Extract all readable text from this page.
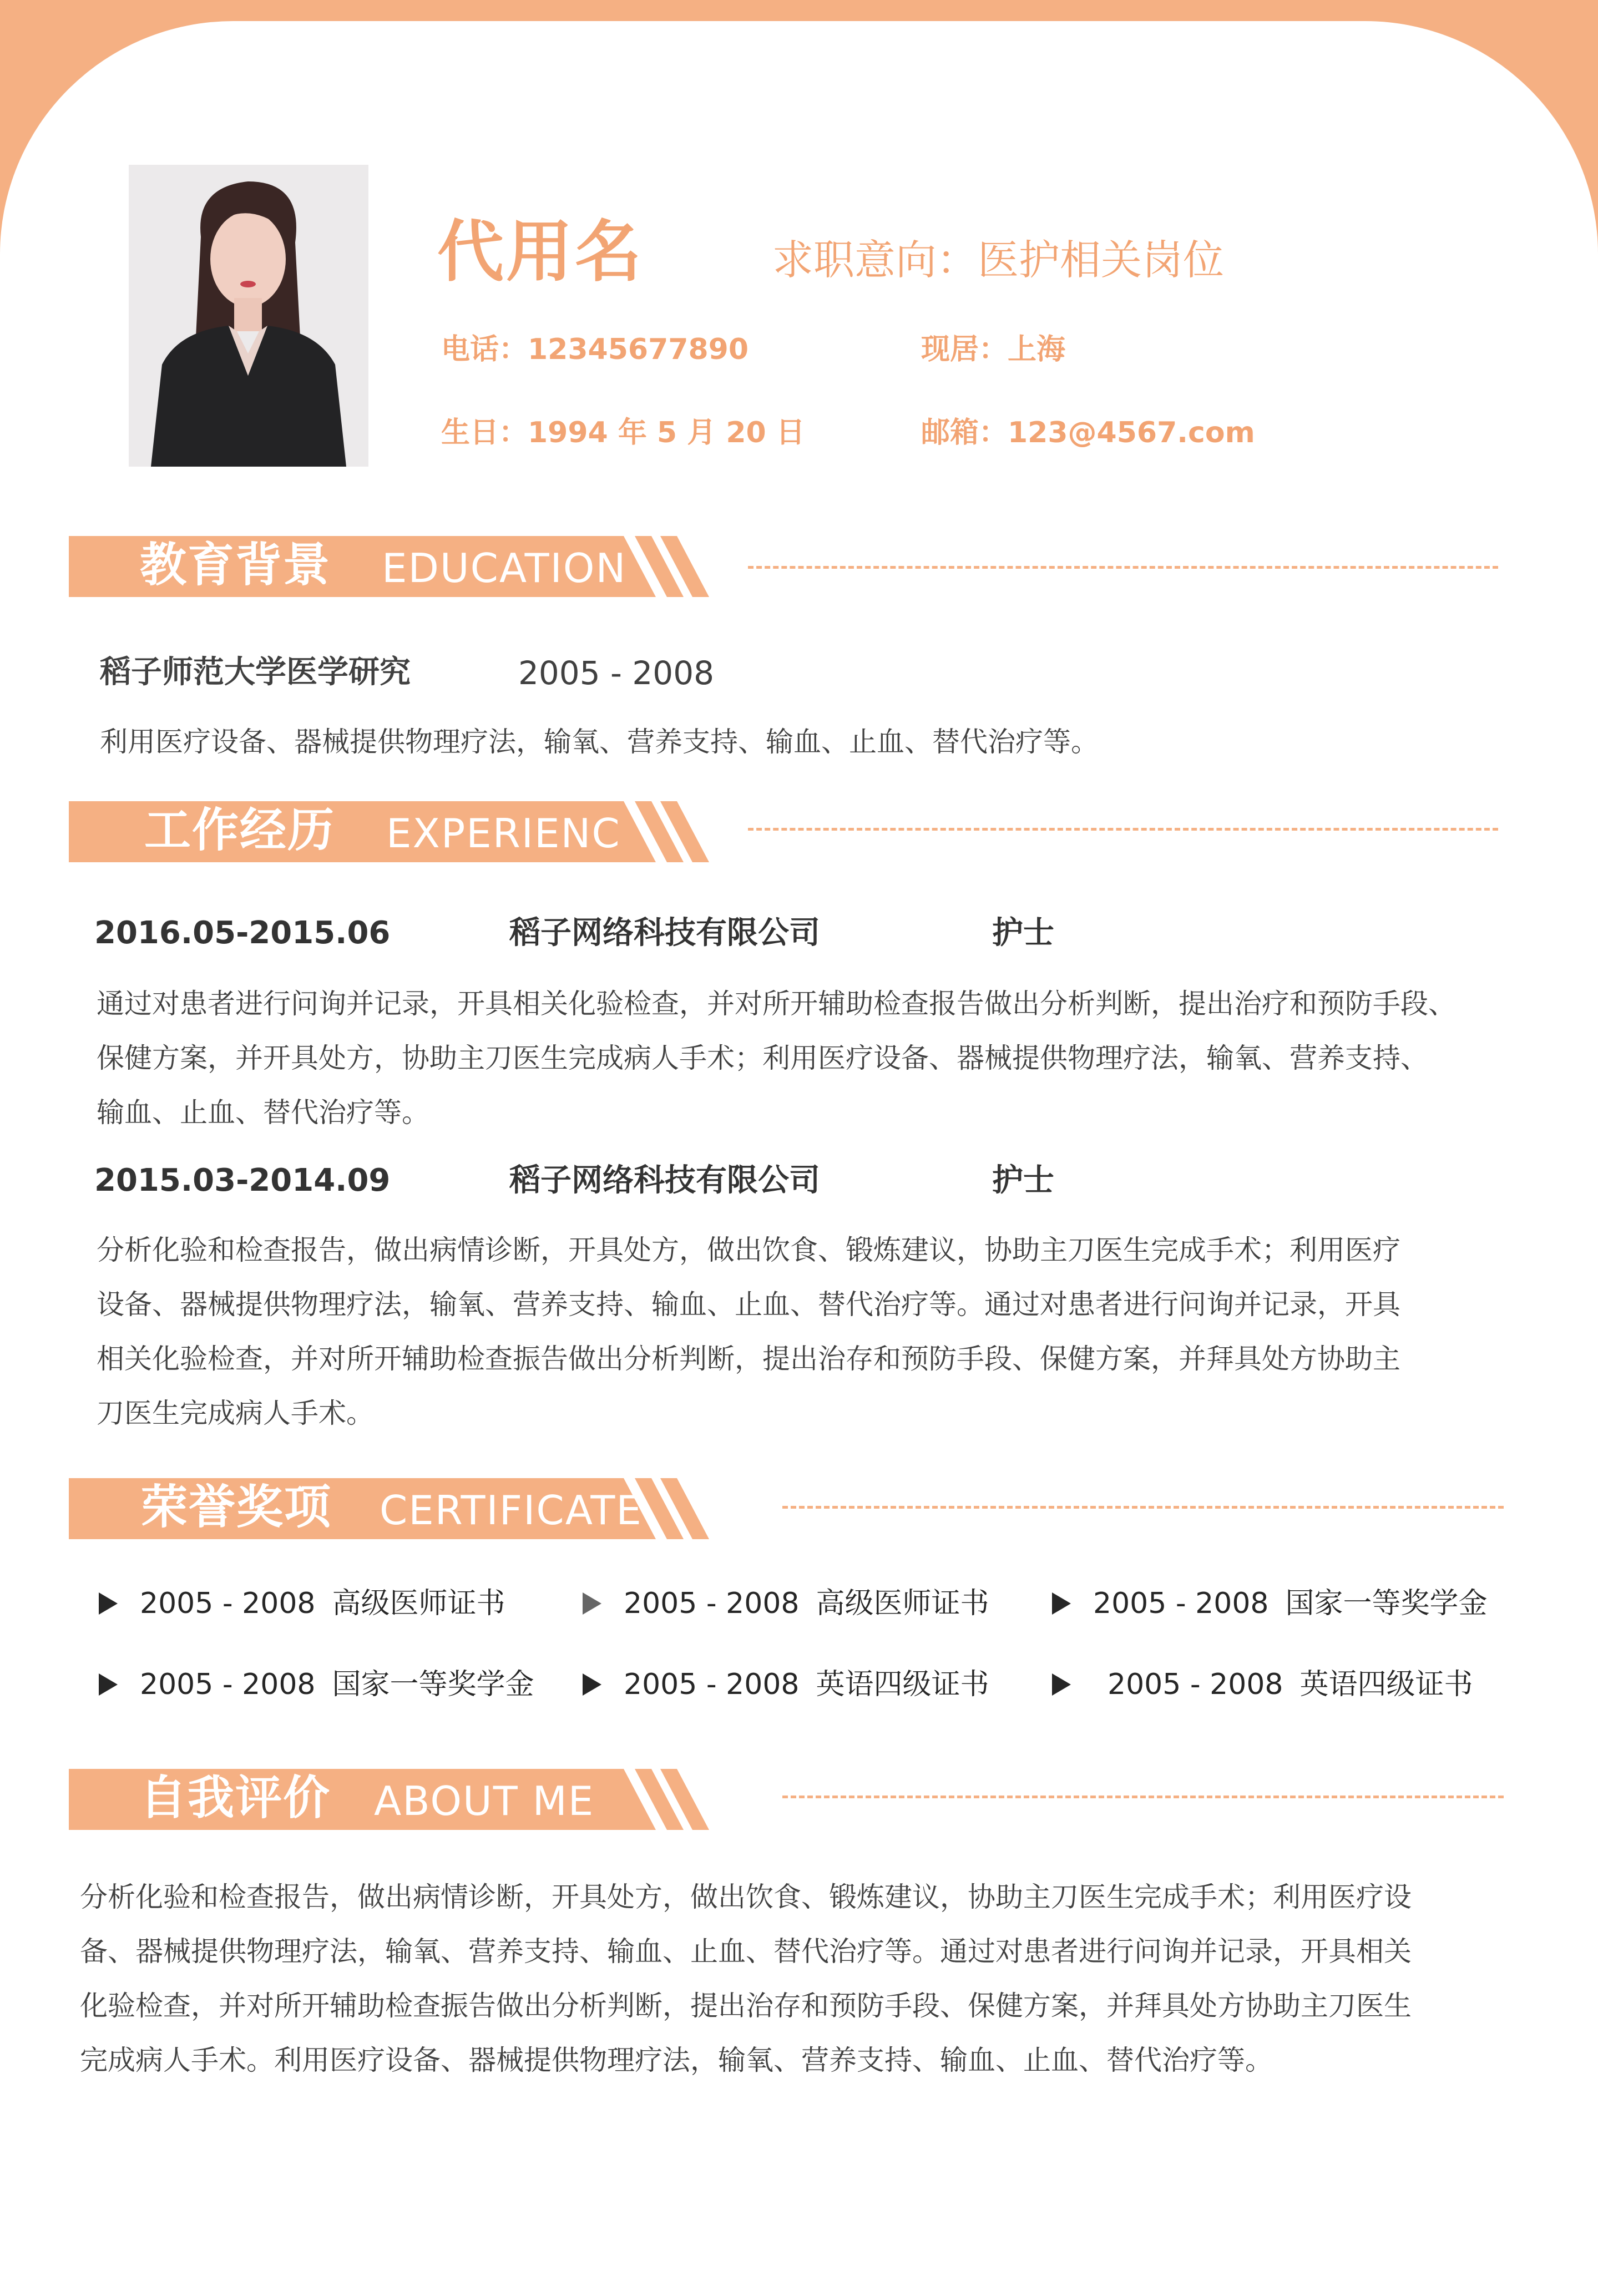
代用名	求职意向：医护相关岗位
电话：12345677890	现居：上海
生日：1994 年 5 月 20 日	邮箱：123@4567.com
教育背景 EDUCATION
稻子师范大学医学研究	2005 - 2008
利用医疗设备、器械提供物理疗法，输氧、营养支持、输血、止血、替代治疗等。
工作经历 EXPERIENC
2016.05-2015.06	稻子网络科技有限公司	护士
通过对患者进行问询并记录，开具相关化验检查，并对所开辅助检查报告做出分析判断，提出治疗和预防手段、
保健方案，并开具处方，协助主刀医生完成病人手术；利用医疗设备、器械提供物理疗法，输氧、营养支持、
输血、止血、替代治疗等。
2015.03-2014.09	稻子网络科技有限公司	护士
分析化验和检查报告，做出病情诊断，开具处方，做出饮食、锻炼建议，协助主刀医生完成手术；利用医疗
设备、器械提供物理疗法，输氧、营养支持、输血、止血、替代治疗等。通过对患者进行问询并记录，开具
相关化验检查，并对所开辅助检查振告做出分析判断，提出治存和预防手段、保健方案，并拜具处方协助主
刀医生完成病人手术。
荣誉奖项 CERTIFICATE
2005 - 2008 高级医师证书	2005 - 2008 高级医师证书	2005 - 2008 国家一等奖学金
2005 - 2008 国家一等奖学金	2005 - 2008 英语四级证书	2005 - 2008 英语四级证书
自我评价 ABOUT ME
分析化验和检查报告，做出病情诊断，开具处方，做出饮食、锻炼建议，协助主刀医生完成手术；利用医疗设
备、器械提供物理疗法，输氧、营养支持、输血、止血、替代治疗等。通过对患者进行问询并记录，开具相关
化验检查，并对所开辅助检查振告做出分析判断，提出治存和预防手段、保健方案，并拜具处方协助主刀医生
完成病人手术。利用医疗设备、器械提供物理疗法，输氧、营养支持、输血、止血、替代治疗等。
